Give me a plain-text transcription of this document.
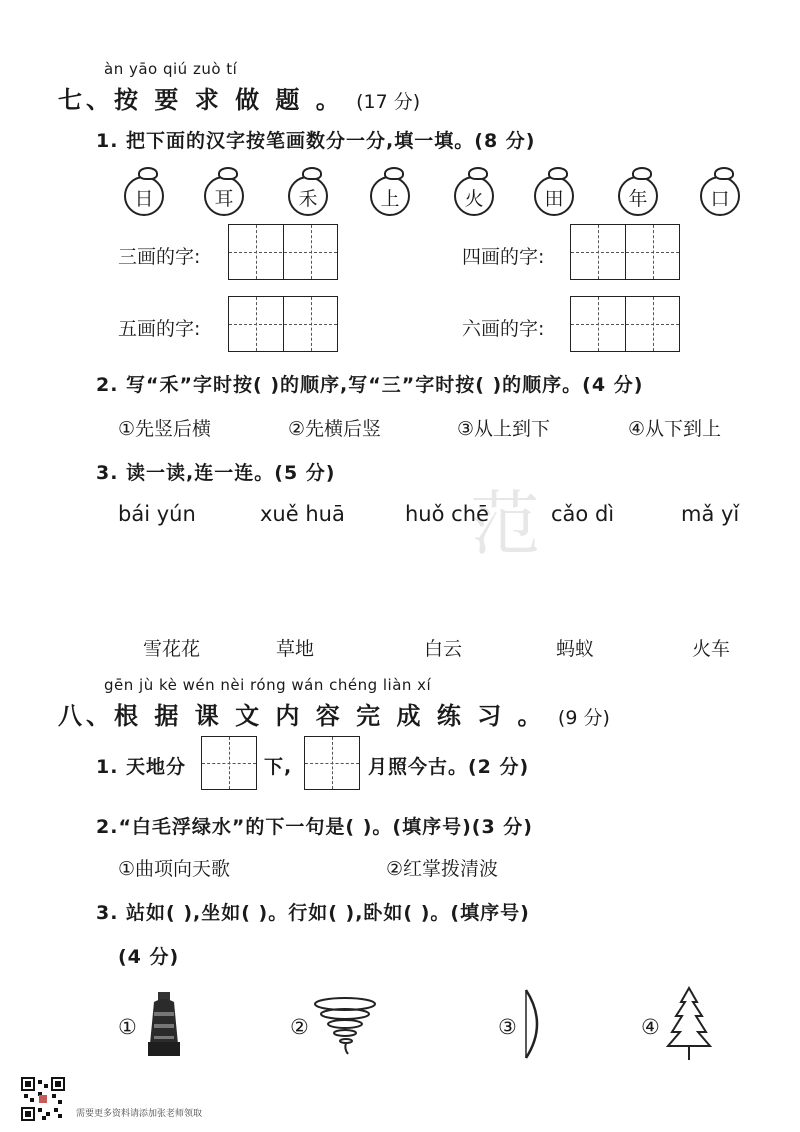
范
àn yāo qiú zuò tí
七、按 要 求 做 题 。 (17 分)
1. 把下面的汉字按笔画数分一分,填一填。(8 分)
日	耳	禾	上	火	田	年	口
三画的字:	四画的字:
五画的字:	六画的字:
2. 写“禾”字时按( )的顺序,写“三”字时按( )的顺序。(4 分)
①先竖后横	②先横后竖	③从上到下	④从下到上
3. 读一读,连一连。(5 分)
bái yún	xuě huā	huǒ chē	cǎo dì	mǎ yǐ
雪花花	草地	白云	蚂蚁	火车
gēn jù kè wén nèi róng wán chéng liàn xí
八、根 据 课 文 内 容 完 成 练 习 。 (9 分)
1. 天地分	下,	月照今古。(2 分)
2.“白毛浮绿水”的下一句是( )。(填序号)(3 分)
①曲项向天歌	②红掌拨清波
3. 站如( ),坐如( )。行如( ),卧如( )。(填序号)
(4 分)
①	②	③	④
需要更多资料请添加张老师领取
